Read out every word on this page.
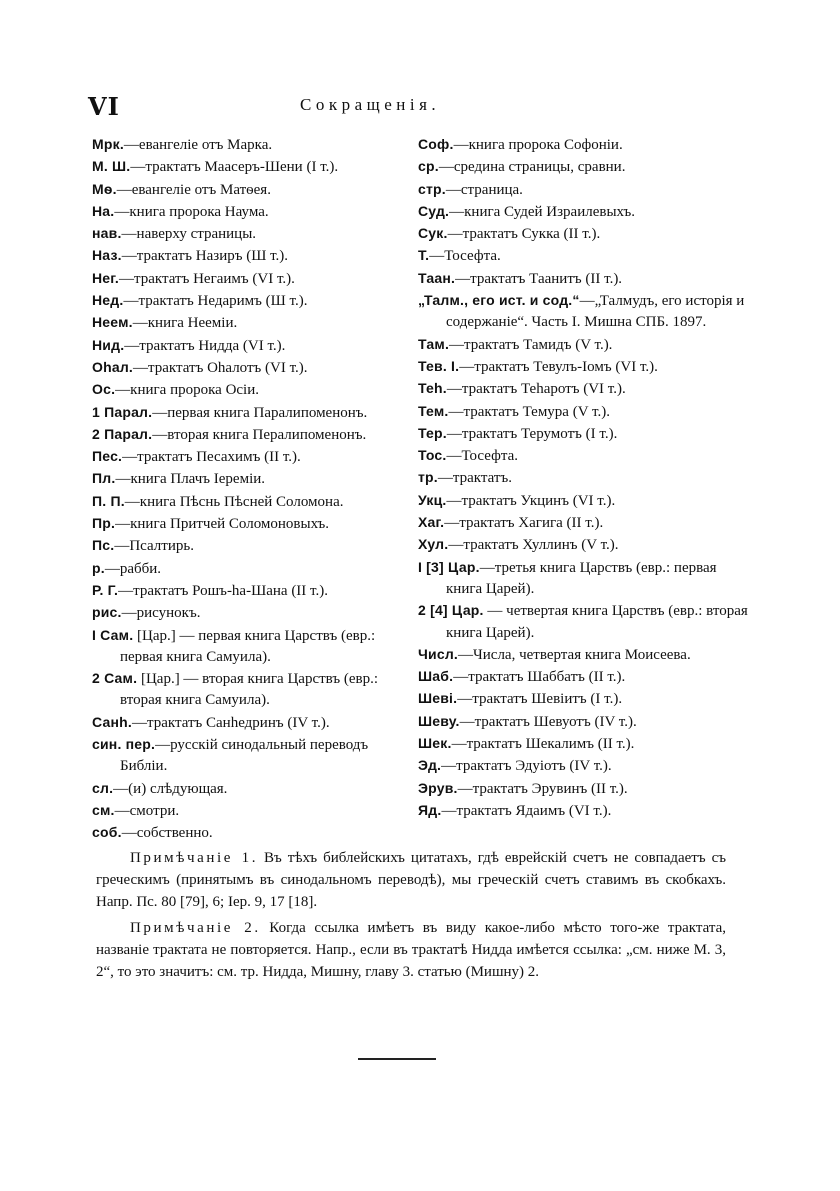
VI	Сокращенія.
Мрк.—евангеліе отъ Марка.
М. Ш.—трактатъ Маасеръ-Шени (І т.).
Мѳ.—евангеліе отъ Матѳея.
На.—книга пророка Наума.
нав.—наверху страницы.
Наз.—трактатъ Назиръ (Ш т.).
Нег.—трактатъ Негаимъ (VI т.).
Нед.—трактатъ Недаримъ (Ш т.).
Неем.—книга Неемiи.
Нид.—трактатъ Нидда (VI т.).
Оһал.—трактатъ Оһалотъ (VI т.).
Ос.—книга пророка Осіи.
1 Парал.—первая книга Паралипоменонъ.
2 Парал.—вторая книга Пералипоменонъ.
Пес.—трактатъ Песахимъ (II т.).
Пл.—книга Плачъ Іереміи.
П. П.—книга Пѣснь Пѣсней Соломона.
Пр.—книга Притчей Соломоновыхъ.
Пс.—Псалтирь.
р.—рабби.
Р. Г.—трактатъ Рошъ-һа-Шана (II т.).
рис.—рисунокъ.
I Сам. [Цар.] — первая книга Царствъ (евр.: первая книга Самуила).
2 Сам. [Цар.] — вторая книга Царствъ (евр.: вторая книга Самуила).
Санһ.—трактатъ Санһедринъ (IV т.).
син. пер.—русскій синодальный переводъ Библіи.
сл.—(и) слѣдующая.
см.—смотри.
соб.—собственно.
Соф.—книга пророка Софоніи.
ср.—средина страницы, сравни.
стр.—страница.
Суд.—книга Судей Израилевыхъ.
Сук.—трактатъ Сукка (II т.).
Т.—Тосефта.
Таан.—трактатъ Таанитъ (II т.).
„Талм., его ист. и сод.“—„Талмудъ, его исторія и содержаніе“. Часть I. Мишна СПБ. 1897.
Там.—трактатъ Тамидъ (V т.).
Тев. I.—трактатъ Тевулъ-Іомъ (VI т.).
Теһ.—трактатъ Теһаротъ (VI т.).
Тем.—трактатъ Темура (V т.).
Тер.—трактатъ Терумотъ (I т.).
Тос.—Тосефта.
тр.—трактатъ.
Укц.—трактатъ Укцинъ (VI т.).
Хаг.—трактатъ Хагига (II т.).
Хул.—трактатъ Хуллинъ (V т.).
I [3] Цар.—третья книга Царствъ (евр.: первая книга Царей).
2 [4] Цар. — четвертая книга Царствъ (евр.: вторая книга Царей).
Числ.—Числа, четвертая книга Моисеева.
Шаб.—трактатъ Шаббатъ (II т.).
Шеві.—трактатъ Шевіитъ (I т.).
Шеву.—трактатъ Шевуотъ (IV т.).
Шек.—трактатъ Шекалимъ (II т.).
Эд.—трактатъ Эдуіотъ (IV т.).
Эрув.—трактатъ Эрувинъ (II т.).
Яд.—трактатъ Ядаимъ (VI т.).

Примѣчаніе 1. Въ тѣхъ библейскихъ цитатахъ, гдѣ еврейскій счетъ не совпадаетъ съ греческимъ (принятымъ въ синодальномъ переводѣ), мы греческій счетъ ставимъ въ скобкахъ. Напр. Пс. 80 [79], 6; Іер. 9, 17 [18].

Примѣчаніе 2. Когда ссылка имѣетъ въ виду какое-либо мѣсто того-же трактата, названіе трактата не повторяется. Напр., если въ трактатѣ Нидда имѣется ссылка: „см. ниже М. 3, 2“, то это значитъ: см. тр. Нидда, Мишну, главу 3. статью (Мишну) 2.
